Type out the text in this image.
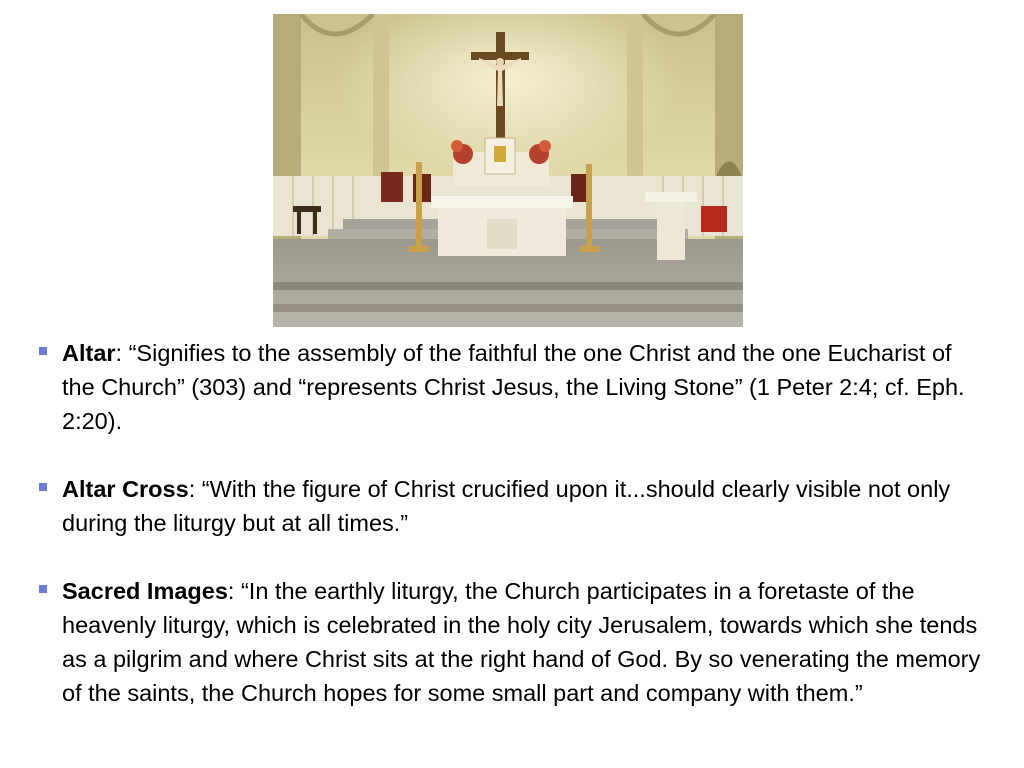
Altar: “Signifies to the assembly of the faithful the one Christ and the one Eucharist of the Church” (303) and “represents Christ Jesus, the Living Stone” (1 Peter 2:4; cf. Eph. 2:20).
Altar Cross: “With the figure of Christ crucified upon it...should clearly visible not only during the liturgy but at all times.”
Sacred Images: “In the earthly liturgy, the Church participates in a foretaste of the heavenly liturgy, which is celebrated in the holy city Jerusalem, towards which she tends as a pilgrim and where Christ sits at the right hand of God. By so venerating the memory of the saints, the Church hopes for some small part and company with them.”
